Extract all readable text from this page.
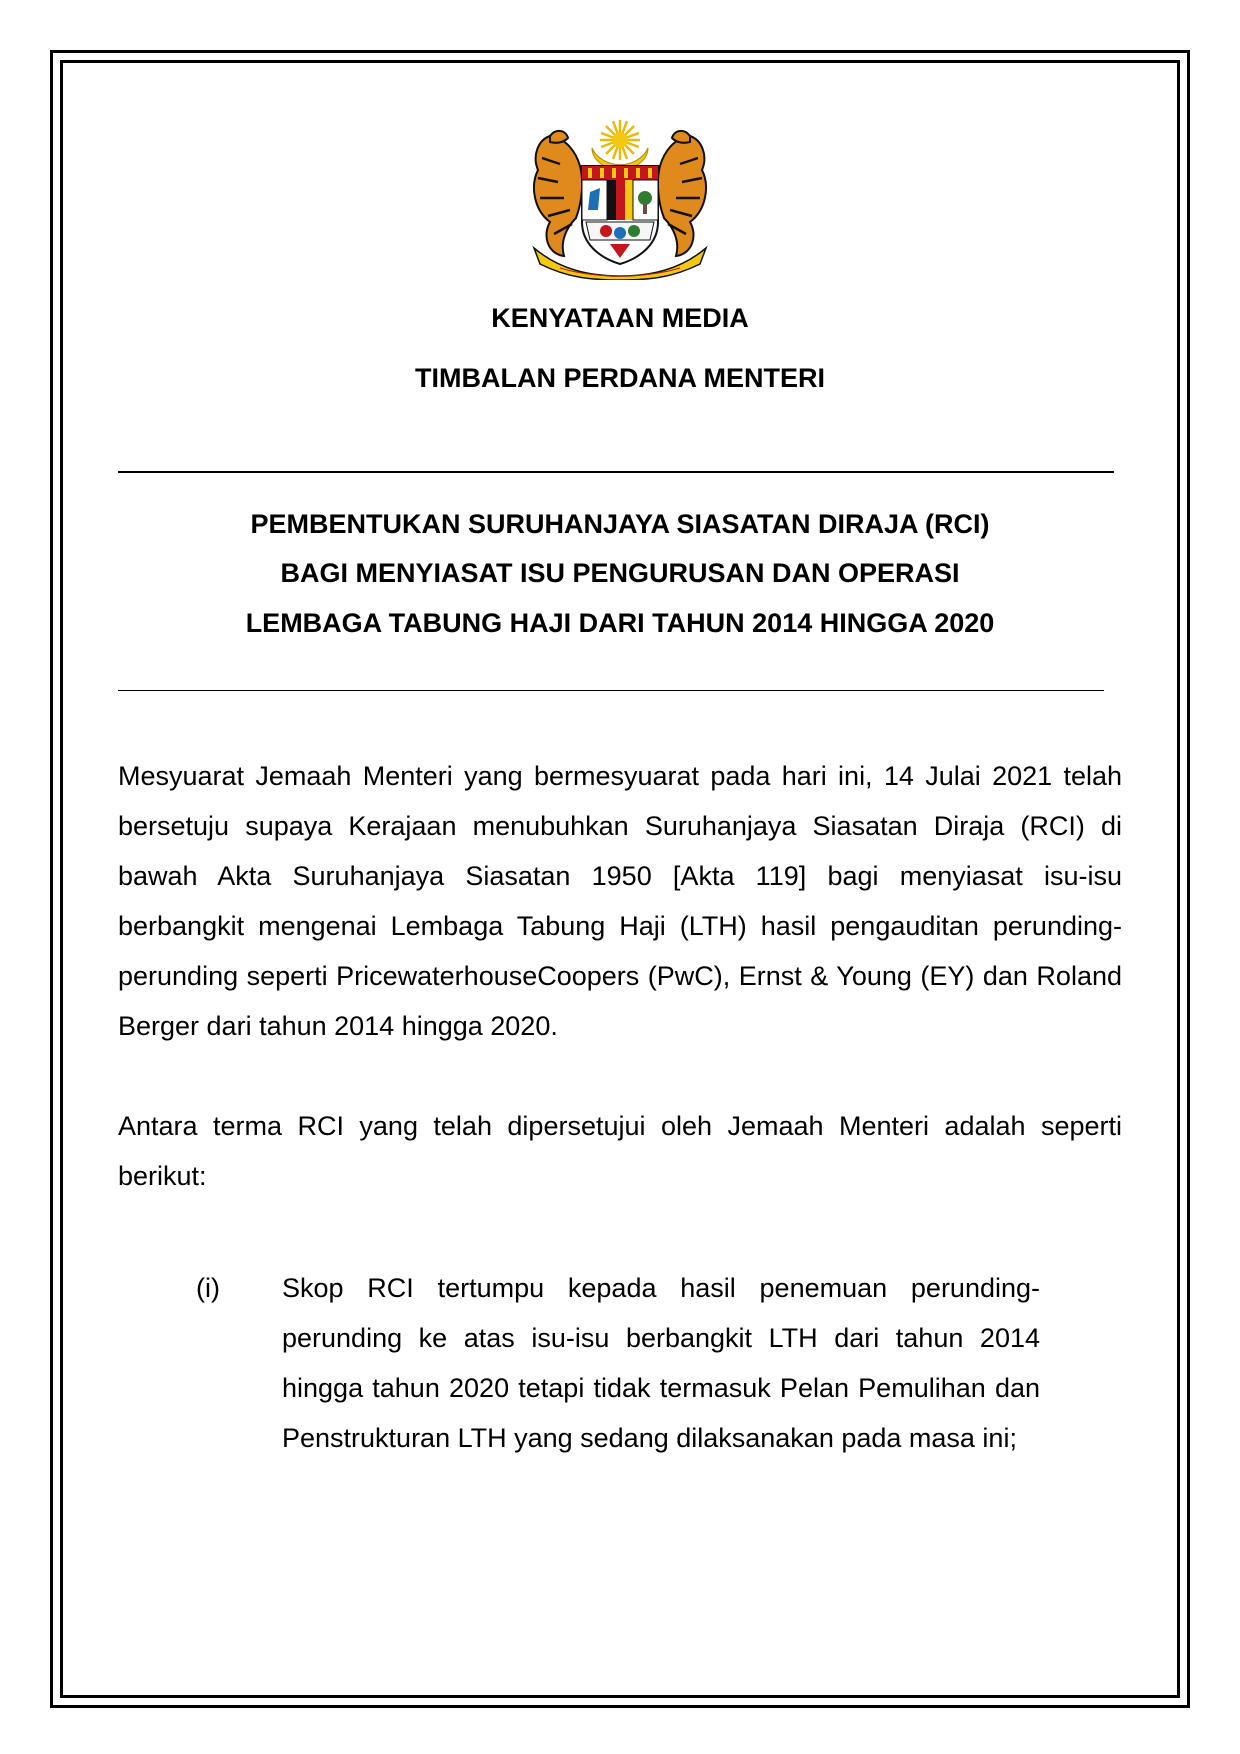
KENYATAAN MEDIA

TIMBALAN PERDANA MENTERI

PEMBENTUKAN SURUHANJAYA SIASATAN DIRAJA (RCI)

BAGI MENYIASAT ISU PENGURUSAN DAN OPERASI

LEMBAGA TABUNG HAJI DARI TAHUN 2014 HINGGA 2020

Mesyuarat Jemaah Menteri yang bermesyuarat pada hari ini, 14 Julai 2021 telah bersetuju supaya Kerajaan menubuhkan Suruhanjaya Siasatan Diraja (RCI) di bawah Akta Suruhanjaya Siasatan 1950 [Akta 119] bagi menyiasat isu-isu berbangkit mengenai Lembaga Tabung Haji (LTH) hasil pengauditan perunding-perunding seperti PricewaterhouseCoopers (PwC), Ernst & Young (EY) dan Roland Berger dari tahun 2014 hingga 2020.

Antara terma RCI yang telah dipersetujui oleh Jemaah Menteri adalah seperti berikut:

(i) Skop RCI tertumpu kepada hasil penemuan perunding-perunding ke atas isu-isu berbangkit LTH dari tahun 2014 hingga tahun 2020 tetapi tidak termasuk Pelan Pemulihan dan Penstrukturan LTH yang sedang dilaksanakan pada masa ini;
